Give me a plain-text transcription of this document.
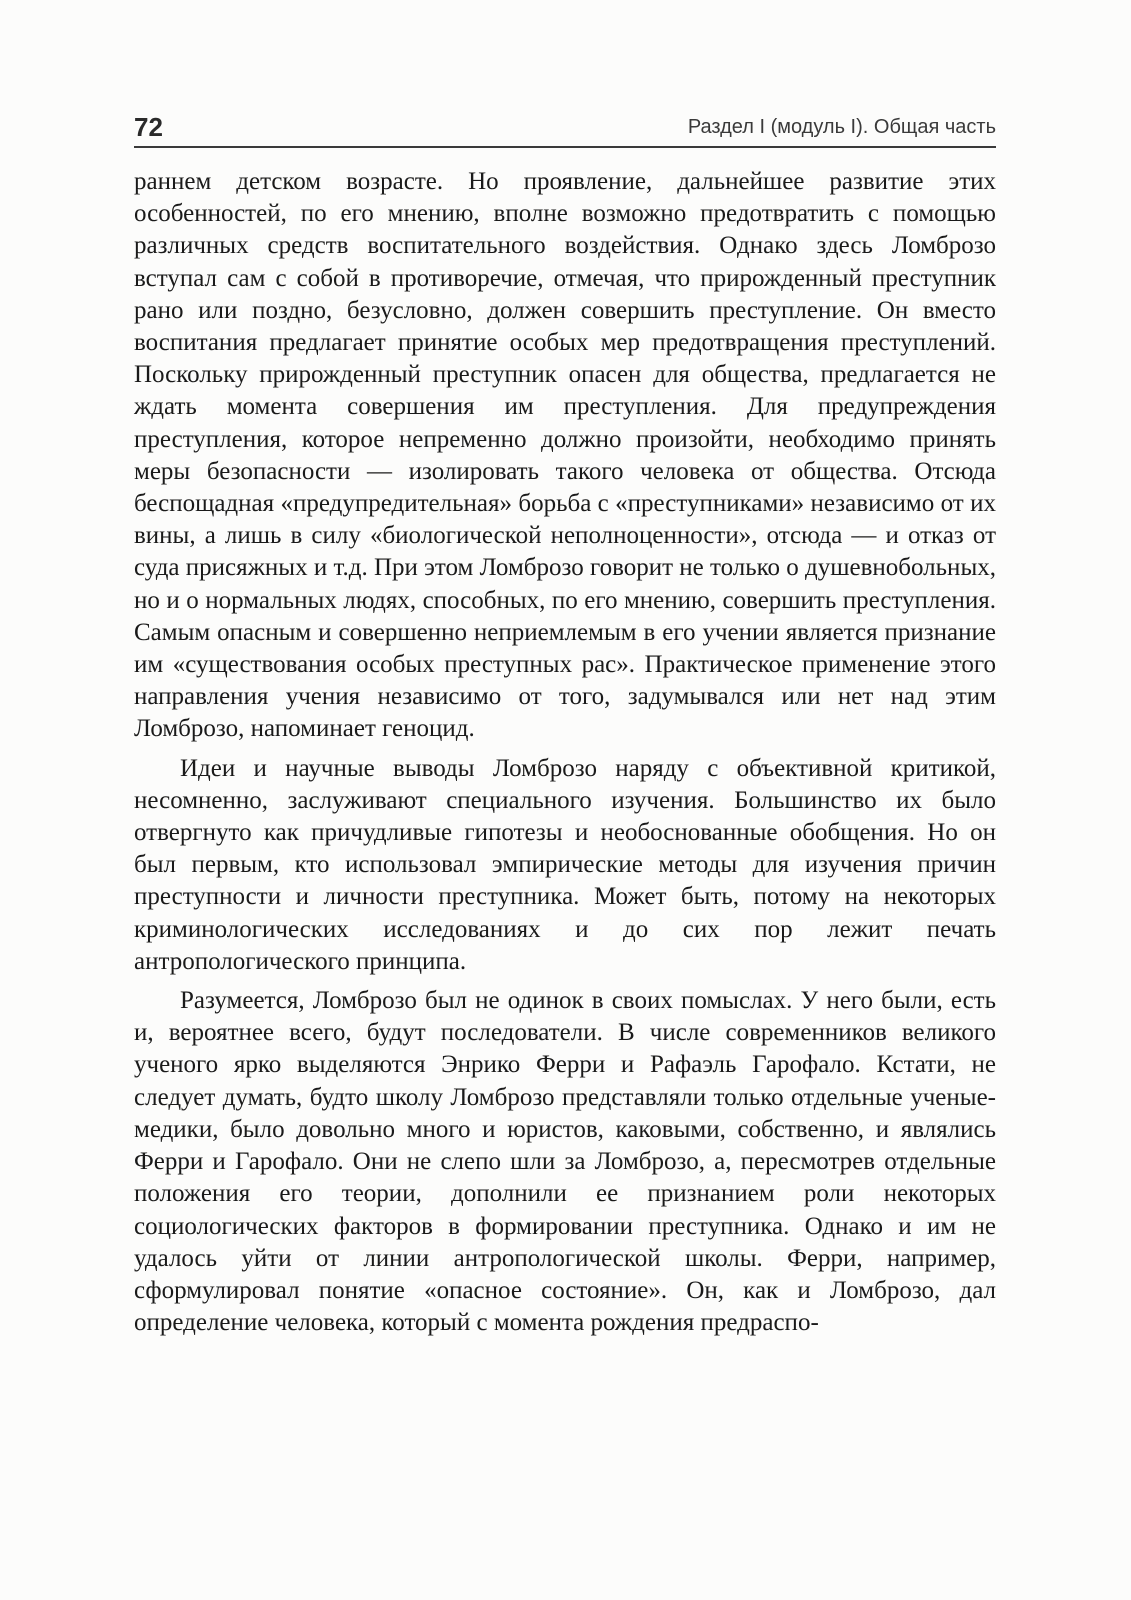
72	Раздел I (модуль I). Общая часть

раннем детском возрасте. Но проявление, дальнейшее развитие этих особенностей, по его мнению, вполне возможно предотвратить с помощью различных средств воспитательного воздействия. Однако здесь Ломброзо вступал сам с собой в противоречие, отмечая, что прирожденный преступник рано или поздно, безусловно, должен совершить преступление. Он вместо воспитания предлагает принятие особых мер предотвращения преступлений. Поскольку прирожденный преступник опасен для общества, предлагается не ждать момента совершения им преступления. Для предупреждения преступления, которое непременно должно произойти, необходимо принять меры безопасности — изолировать такого человека от общества. Отсюда беспощадная «предупредительная» борьба с «преступниками» независимо от их вины, а лишь в силу «биологической неполноценности», отсюда — и отказ от суда присяжных и т.д. При этом Ломброзо говорит не только о душевнобольных, но и о нормальных людях, способных, по его мнению, совершить преступления. Самым опасным и совершенно неприемлемым в его учении является признание им «существования особых преступных рас». Практическое применение этого направления учения независимо от того, задумывался или нет над этим Ломброзо, напоминает геноцид.

Идеи и научные выводы Ломброзо наряду с объективной критикой, несомненно, заслуживают специального изучения. Большинство их было отвергнуто как причудливые гипотезы и необоснованные обобщения. Но он был первым, кто использовал эмпирические методы для изучения причин преступности и личности преступника. Может быть, потому на некоторых криминологических исследованиях и до сих пор лежит печать антропологического принципа.

Разумеется, Ломброзо был не одинок в своих помыслах. У него были, есть и, вероятнее всего, будут последователи. В числе современников великого ученого ярко выделяются Энрико Ферри и Рафаэль Гарофало. Кстати, не следует думать, будто школу Ломброзо представляли только отдельные ученые-медики, было довольно много и юристов, каковыми, собственно, и являлись Ферри и Гарофало. Они не слепо шли за Ломброзо, а, пересмотрев отдельные положения его теории, дополнили ее признанием роли некоторых социологических факторов в формировании преступника. Однако и им не удалось уйти от линии антропологической школы. Ферри, например, сформулировал понятие «опасное состояние». Он, как и Ломброзо, дал определение человека, который с момента рождения предраспо-
